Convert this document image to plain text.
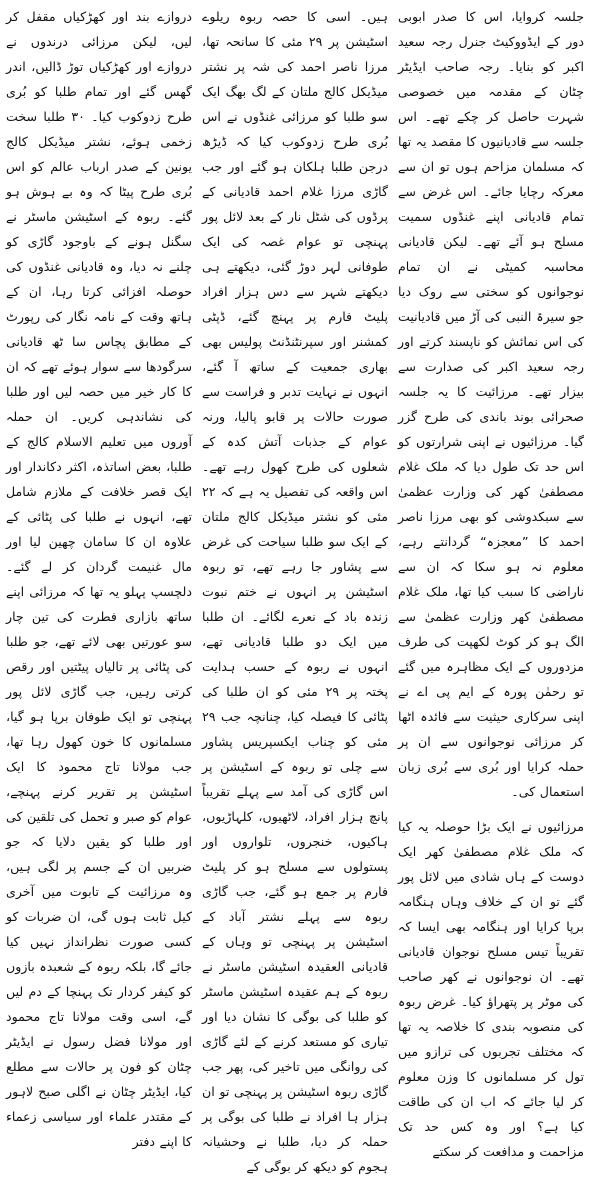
جلسہ کروایا، اس کا صدر ابوبی دور کے ایڈووکیٹ جنرل رجہ سعید اکبر کو بنایا۔ رجہ صاحب ایڈیٹر چٹان کے مقدمہ میں خصوصی شہرت حاصل کر چکے تھے۔ اس جلسہ سے قادیانیوں کا مقصد یہ تھا کہ مسلمان مزاحم ہوں تو ان سے معرکہ رچایا جائے۔ اس غرض سے تمام قادیانی اپنے غنڈوں سمیت مسلح ہو آئے تھے۔ لیکن قادیانی محاسبہ کمیٹی نے ان تمام نوجوانوں کو سختی سے روک دیا جو سیرۃ النبی کی آڑ میں قادیانیت کی اس نمائش کو ناپسند کرتے اور رجہ سعید اکبر کی صدارت سے بیزار تھے۔ مرزائیت کا یہ جلسہ صحرائی بوند باندی کی طرح گزر گیا۔ مرزائیوں نے اپنی شرارتوں کو اس حد تک طول دیا کہ ملک غلام مصطفیٰ کھر کی وزارت عظمیٰ سے سبکدوشی کو بھی مرزا ناصر احمد کا ”معجزہ“ گردانتے رہے، معلوم نہ ہو سکا کہ ان سے ناراضی کا سبب کیا تھا، ملک غلام مصطفیٰ کھر وزارت عظمیٰ سے الگ ہو کر کوٹ لکھپت کی طرف مزدوروں کے ایک مظاہرہ میں گئے تو رحمٰن پورہ کے ایم پی اے نے اپنی سرکاری حیثیت سے فائدہ اٹھا کر مرزائی نوجوانوں سے ان پر حملہ کرایا اور بُری سے بُری زبان استعمال کی۔

مرزائیوں نے ایک بڑا حوصلہ یہ کیا کہ ملک غلام مصطفیٰ کھر ایک دوست کے ہاں شادی میں لائل پور گئے تو ان کے خلاف وہاں ہنگامہ برپا کرایا اور ہنگامہ بھی ایسا کہ تقریباً تیس مسلح نوجوان قادیانی تھے۔ ان نوجوانوں نے کھر صاحب کی موٹر پر پتھراؤ کیا۔ غرض ربوہ کی منصوبہ بندی کا خلاصہ یہ تھا کہ مختلف تجربوں کی ترازو میں تول کر مسلمانوں کا وزن معلوم کر لیا جائے کہ اب ان کی طاقت کیا ہے؟ اور وہ کس حد تک مزاحمت و مدافعت کر سکتے

ہیں۔ اسی کا حصہ ربوہ ریلوے اسٹیشن پر ۲۹ مئی کا سانحہ تھا، مرزا ناصر احمد کی شہ پر نشتر میڈیکل کالج ملتان کے لگ بھگ ایک سو طلبا کو مرزائی غنڈوں نے اس بُری طرح زدوکوب کیا کہ ڈیڑھ درجن طلبا ہلکان ہو گئے اور جب گاڑی مرزا غلام احمد قادیانی کے پرڈوں کی شٹل نار کے بعد لائل پور پہنچی تو عوام غصہ کی ایک طوفانی لہر دوڑ گئی، دیکھتے ہی دیکھتے شہر سے دس ہزار افراد پلیٹ فارم پر پہنچ گئے، ڈپٹی کمشنر اور سپرنٹنڈنٹ پولیس بھی بھاری جمعیت کے ساتھ آ گئے، انہوں نے نہایت تدبر و فراست سے صورت حالات پر قابو پالیا، ورنہ عوام کے جذبات آتش کدہ کے شعلوں کی طرح کھول رہے تھے۔ اس واقعہ کی تفصیل یہ ہے کہ ۲۲ مئی کو نشتر میڈیکل کالج ملتان کے ایک سو طلبا سیاحت کی غرض سے پشاور جا رہے تھے، تو ربوہ اسٹیشن پر انہوں نے ختم نبوت زندہ باد کے نعرے لگائے۔ ان طلبا میں ایک دو طلبا قادیانی تھے، انہوں نے ربوہ کے حسب ہدایت پختہ پر ۲۹ مئی کو ان طلبا کی پٹائی کا فیصلہ کیا، چنانچہ جب ۲۹ مئی کو چناب ایکسپریس پشاور سے چلی تو ربوہ کے اسٹیشن پر اس گاڑی کی آمد سے پہلے تقریباً پانچ ہزار افراد، لاٹھیوں، کلہاڑیوں، ہاکیوں، خنجروں، تلواروں اور پستولوں سے مسلح ہو کر پلیٹ فارم پر جمع ہو گئے، جب گاڑی ربوہ سے پہلے نشتر آباد کے اسٹیشن پر پہنچی تو وہاں کے قادیانی العقیدہ اسٹیشن ماسٹر نے ربوہ کے ہم عقیدہ اسٹیشن ماسٹر کو طلبا کی بوگی کا نشان دیا اور تیاری کو مستعد کرنے کے لئے گاڑی کی روانگی میں تاخیر کی، پھر جب گاڑی ربوہ اسٹیشن پر پہنچی تو ان ہزار ہا افراد نے طلبا کی بوگی پر حملہ کر دیا، طلبا نے وحشیانہ ہجوم کو دیکھ کر بوگی کے

دروازے بند اور کھڑکیاں مقفل کر لیں، لیکن مرزائی درندوں نے دروازے اور کھڑکیاں توڑ ڈالیں، اندر گھس گئے اور تمام طلبا کو بُری طرح زدوکوب کیا۔ ۳۰ طلبا سخت زخمی ہوئے، نشتر میڈیکل کالج یونین کے صدر ارباب عالم کو اس بُری طرح پیٹا کہ وہ بے ہوش ہو گئے۔ ربوہ کے اسٹیشن ماسٹر نے سگنل ہونے کے باوجود گاڑی کو چلنے نہ دیا، وہ قادیانی غنڈوں کی حوصلہ افزائی کرتا رہا، ان کے ہاتھ وقت کے نامہ نگار کی رپورٹ کے مطابق پچاس سا ٹھ قادیانی سرگودھا سے سوار ہوئے تھے کہ ان کا کار خیر میں حصہ لیں اور طلبا کی نشاندہی کریں۔ ان حملہ آوروں میں تعلیم الاسلام کالج کے طلبا، بعض اساتذہ، اکثر دکاندار اور ایک قصر خلافت کے ملازم شامل تھے، انہوں نے طلبا کی پٹائی کے علاوہ ان کا سامان چھین لیا اور مال غنیمت گردان کر لے گئے۔ دلچسپ پہلو یہ تھا کہ مرزائی اپنے ساتھ بازاری فطرت کی تین چار سو عورتیں بھی لائے تھے، جو طلبا کی پٹائی پر تالیاں پیٹتیں اور رقص کرتی رہیں، جب گاڑی لائل پور پہنچی تو ایک طوفان برپا ہو گیا، مسلمانوں کا خون کھول رہا تھا، جب مولانا تاج محمود کا ایک اسٹیشن پر تقریر کرنے پہنچے، عوام کو صبر و تحمل کی تلقین کی اور طلبا کو یقین دلایا کہ جو ضربیں ان کے جسم پر لگی ہیں، وہ مرزائیت کے تابوت میں آخری کیل ثابت ہوں گی، ان ضربات کو کسی صورت نظرانداز نہیں کیا جائے گا، بلکہ ربوہ کے شعبدہ بازوں کو کیفر کردار تک پہنچا کے دم لیں گے، اسی وقت مولانا تاج محمود اور مولانا فضل رسول نے ایڈیٹر چٹان کو فون پر حالات سے مطلع کیا، ایڈیٹر چٹان نے اگلی صبح لاہور کے مقتدر علماء اور سیاسی زعماء کا اپنے دفتر
